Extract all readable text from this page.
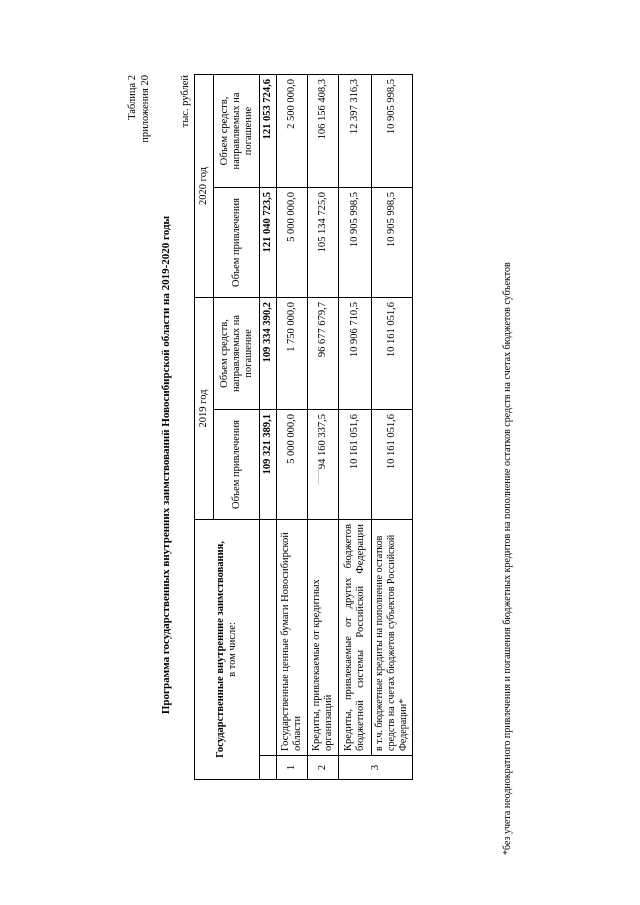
Таблица 2 приложения 20
Программа государственных внутренних заимствований Новосибирской области на 2019-2020 годы
тыс. рублей
Государственные внутренние заимствования, в том числе:		2019 год		2020 год	
		Объем привлечения	Объем средств, направляемых на погашение	Объем привлечения	Объем средств, направляемых на погашение
		109 321 389,1	109 334 390,2	121 040 723,5	121 053 724,6
1	Государственные ценные бумаги Новосибирской области	5 000 000,0	1 750 000,0	5 000 000,0	2 500 000,0
2	Кредиты, привлекаемые от кредитных организаций	94 160 337,5	96 677 679,7	105 134 725,0	106 156 408,3
3	Кредиты, привлекаемые от других бюджетов бюджетной системы Российской Федерации	10 161 051,6	10 906 710,5	10 905 998,5	12 397 316,3
	в т.ч. бюджетные кредиты на пополнение остатков средств на счетах бюджетов субъектов Российской Федерации*	10 161 051,6	10 161 051,6	10 905 998,5	10 905 998,5
*без учета неоднократного привлечения и погашения бюджетных кредитов на пополнение остатков средств на счетах бюджетов субъектов
